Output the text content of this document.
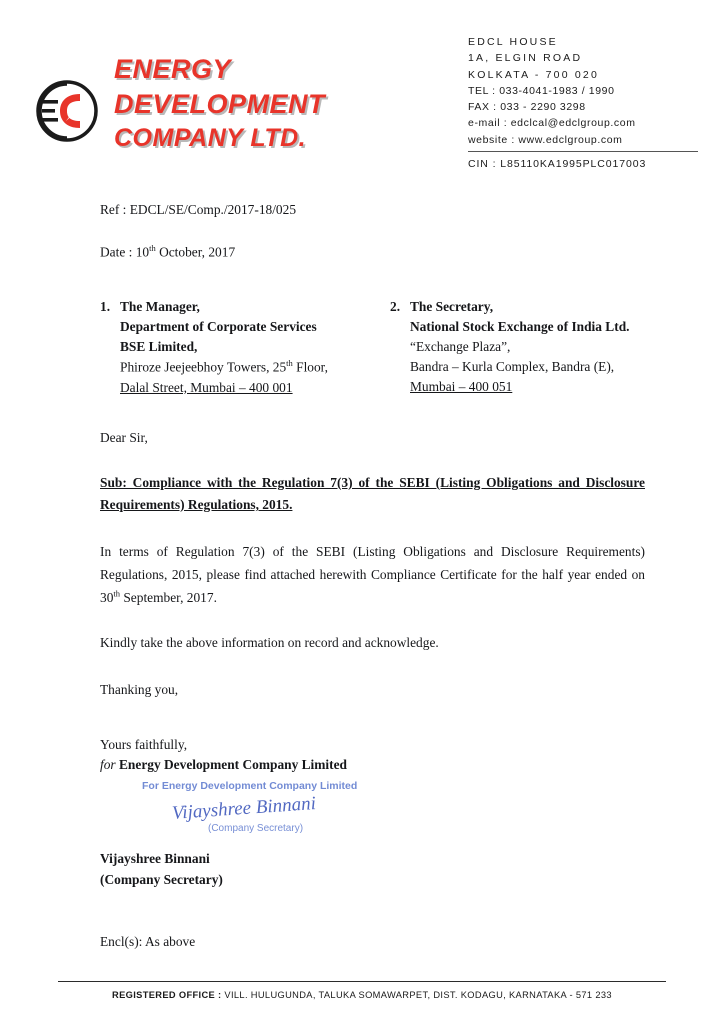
ENERGY
DEVELOPMENT
COMPANY LTD.
EDCL HOUSE
1A, ELGIN ROAD
KOLKATA - 700 020
TEL : 033-4041-1983 / 1990
FAX : 033 - 2290 3298
e-mail : edclcal@edclgroup.com
website : www.edclgroup.com
CIN : L85110KA1995PLC017003
Ref : EDCL/SE/Comp./2017-18/025
Date : 10th October, 2017
1. The Manager,
Department of Corporate Services
BSE Limited,
Phiroze Jeejeebhoy Towers, 25th Floor,
Dalal Street, Mumbai – 400 001
2. The Secretary,
National Stock Exchange of India Ltd.
“Exchange Plaza”,
Bandra – Kurla Complex, Bandra (E),
Mumbai – 400 051
Dear Sir,
Sub: Compliance with the Regulation 7(3) of the SEBI (Listing Obligations and Disclosure Requirements) Regulations, 2015.
In terms of Regulation 7(3) of the SEBI (Listing Obligations and Disclosure Requirements) Regulations, 2015, please find attached herewith Compliance Certificate for the half year ended on 30th September, 2017.
Kindly take the above information on record and acknowledge.
Thanking you,
Yours faithfully,
for Energy Development Company Limited
For Energy Development Company Limited
Vijayshree Binnani
(Company Secretary)
Vijayshree Binnani
(Company Secretary)
Encl(s): As above
REGISTERED OFFICE : VILL. HULUGUNDA, TALUKA SOMAWARPET, DIST. KODAGU, KARNATAKA - 571 233
